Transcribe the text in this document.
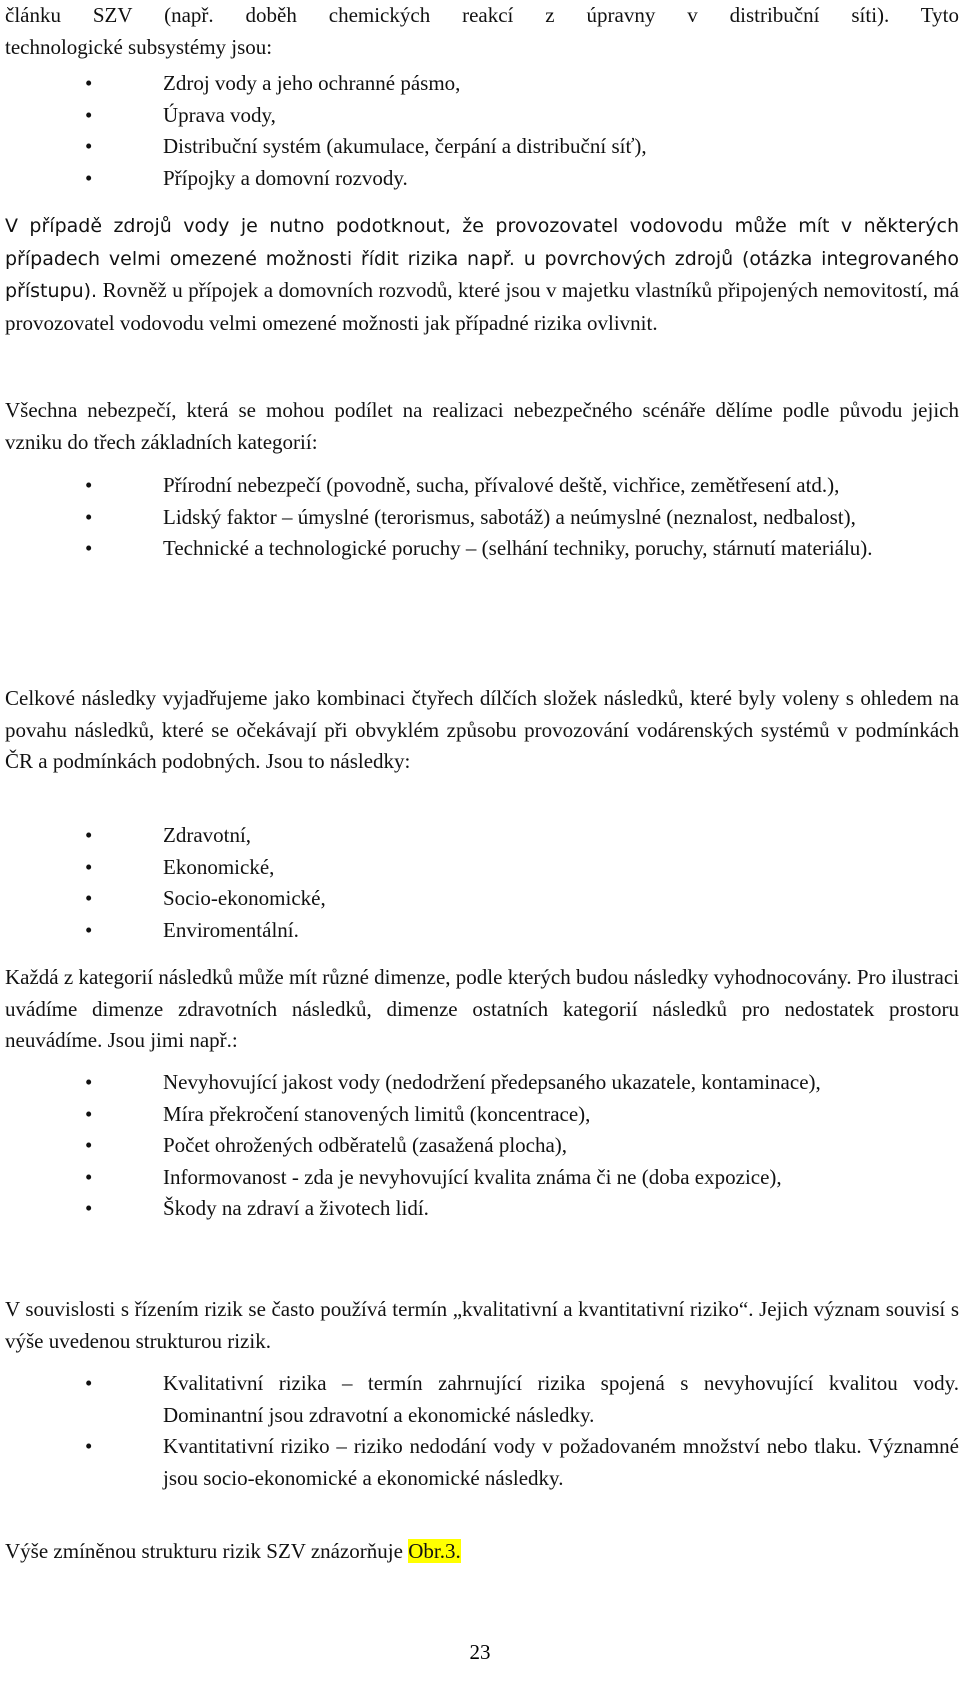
článku SZV (např. doběh chemických reakcí z úpravny v distribuční síti). Tyto

technologické subsystémy jsou:

•	Zdroj vody a jeho ochranné pásmo,
•	Úprava vody,
•	Distribuční systém (akumulace, čerpání a distribuční síť),
•	Přípojky a domovní rozvody.

V případě zdrojů vody je nutno podotknout, že provozovatel vodovodu může mít v některých případech velmi omezené možnosti řídit rizika např. u povrchových zdrojů (otázka integrovaného přístupu). Rovněž u přípojek a domovních rozvodů, které jsou v majetku vlastníků připojených nemovitostí, má provozovatel vodovodu velmi omezené možnosti jak případné rizika ovlivnit.

Všechna nebezpečí, která se mohou podílet na realizaci nebezpečného scénáře dělíme podle původu jejich vzniku do třech základních kategorií:

•	Přírodní nebezpečí (povodně, sucha, přívalové deště, vichřice, zemětřesení atd.),
•	Lidský faktor – úmyslné (terorismus, sabotáž) a neúmyslné (neznalost, nedbalost),
•	Technické a technologické poruchy – (selhání techniky, poruchy, stárnutí materiálu).

Celkové následky vyjadřujeme jako kombinaci čtyřech dílčích složek následků, které byly voleny s ohledem na povahu následků, které se očekávají při obvyklém způsobu provozování vodárenských systémů v podmínkách ČR a podmínkách podobných. Jsou to následky:

•	Zdravotní,
•	Ekonomické,
•	Socio-ekonomické,
•	Enviromentální.

Každá z kategorií následků může mít různé dimenze, podle kterých budou následky vyhodnocovány. Pro ilustraci uvádíme dimenze zdravotních následků, dimenze ostatních kategorií následků pro nedostatek prostoru neuvádíme. Jsou jimi např.:

•	Nevyhovující jakost vody (nedodržení předepsaného ukazatele, kontaminace),
•	Míra překročení stanovených limitů (koncentrace),
•	Počet ohrožených odběratelů (zasažená plocha),
•	Informovanost - zda je nevyhovující kvalita známa či ne (doba expozice),
•	Škody na zdraví a životech lidí.

V souvislosti s řízením rizik se často používá termín „kvalitativní a kvantitativní riziko“. Jejich význam souvisí s výše uvedenou strukturou rizik.

•	Kvalitativní rizika – termín zahrnující rizika spojená s nevyhovující kvalitou vody. Dominantní jsou zdravotní a ekonomické následky.
•	Kvantitativní riziko – riziko nedodání vody v požadovaném množství nebo tlaku. Významné jsou socio-ekonomické a ekonomické následky.

Výše zmíněnou strukturu rizik SZV znázorňuje Obr.3.

23
